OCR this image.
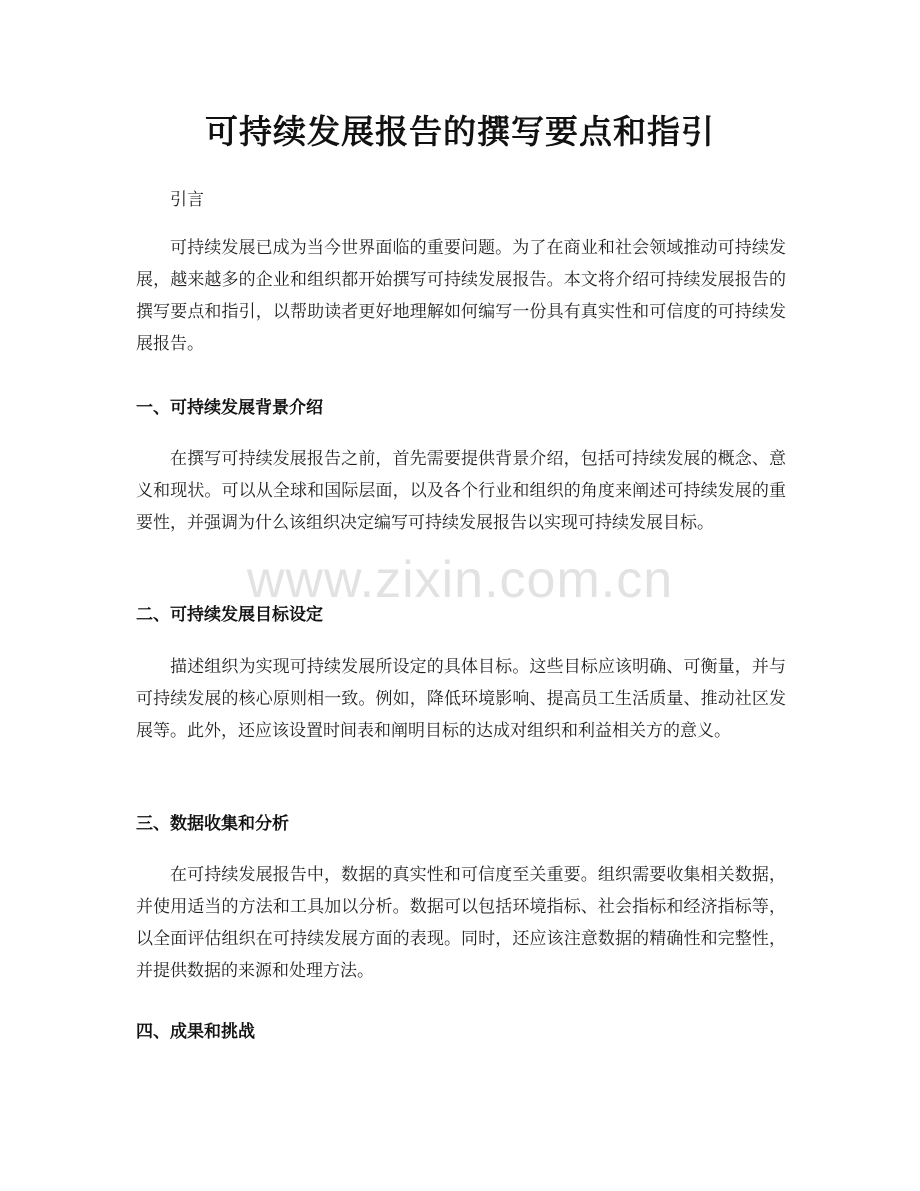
可持续发展报告的撰写要点和指引
引言
可持续发展已成为当今世界面临的重要问题。为了在商业和社会领域推动可持续发展，越来越多的企业和组织都开始撰写可持续发展报告。本文将介绍可持续发展报告的撰写要点和指引，以帮助读者更好地理解如何编写一份具有真实性和可信度的可持续发展报告。
一、可持续发展背景介绍
在撰写可持续发展报告之前，首先需要提供背景介绍，包括可持续发展的概念、意义和现状。可以从全球和国际层面，以及各个行业和组织的角度来阐述可持续发展的重要性，并强调为什么该组织决定编写可持续发展报告以实现可持续发展目标。
二、可持续发展目标设定
描述组织为实现可持续发展所设定的具体目标。这些目标应该明确、可衡量，并与可持续发展的核心原则相一致。例如，降低环境影响、提高员工生活质量、推动社区发展等。此外，还应该设置时间表和阐明目标的达成对组织和利益相关方的意义。
三、数据收集和分析
在可持续发展报告中，数据的真实性和可信度至关重要。组织需要收集相关数据，并使用适当的方法和工具加以分析。数据可以包括环境指标、社会指标和经济指标等，以全面评估组织在可持续发展方面的表现。同时，还应该注意数据的精确性和完整性，并提供数据的来源和处理方法。
四、成果和挑战
www.zixin.com.cn
